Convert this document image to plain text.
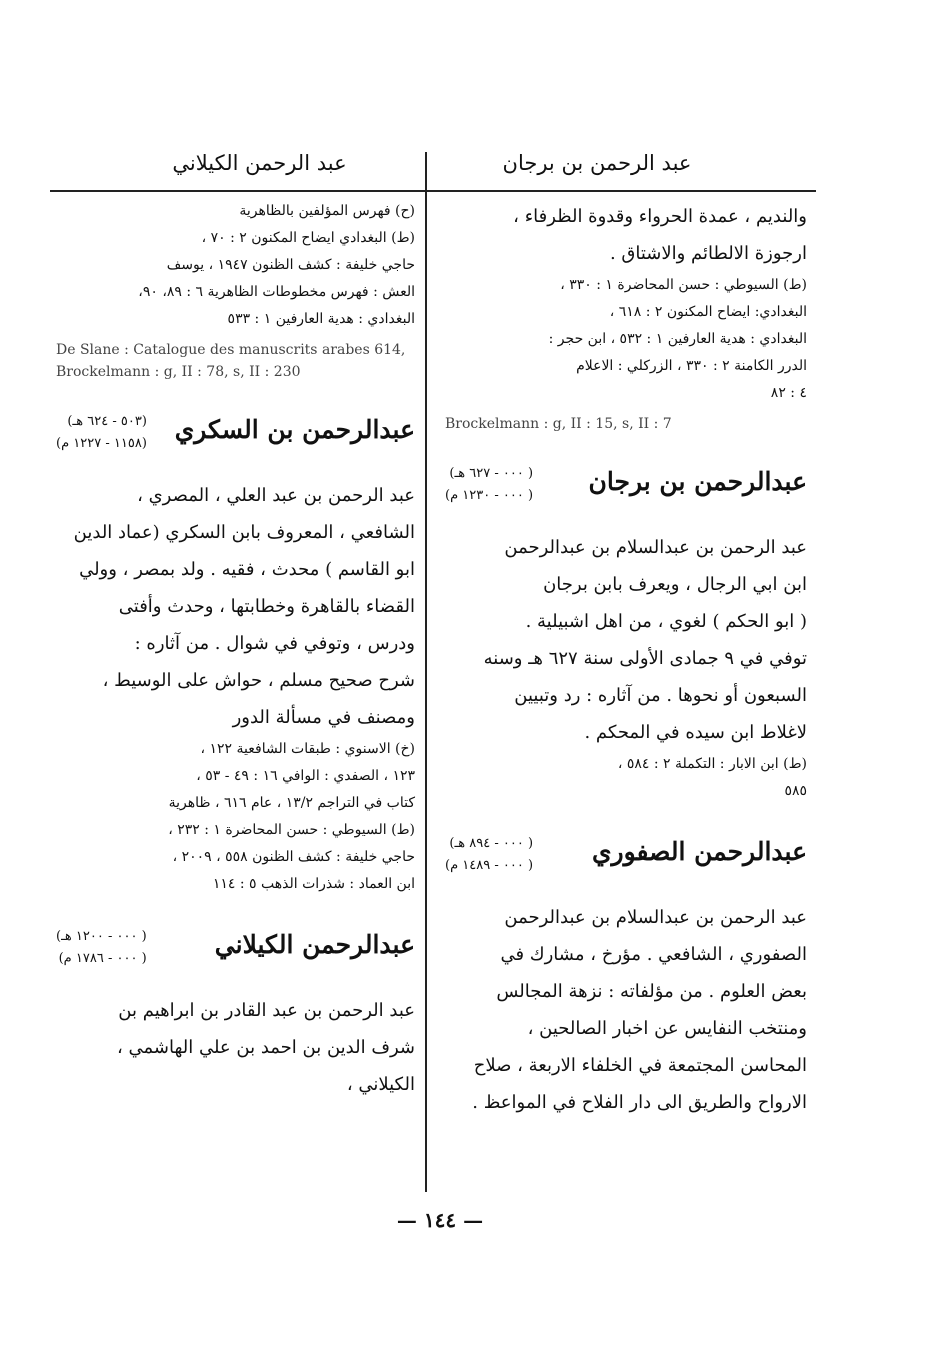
عبد الرحمن بن برجان
عبد الرحمن الكيلاني

والنديم ، عمدة الحرواء وقدوة الظرفاء ،

ارجوزة الالطائم والاشتاق .

(ط) السيوطي : حسن المحاضرة ١ : ٣٣٠ ،

البغدادي: ايضاح المكنون ٢ : ٦١٨ ،

البغدادي : هدية العارفين ١ : ٥٣٢ ، ابن حجر :

الدرر الكامنة ٢ : ٣٣٠ ، الزركلي : الاعلام

٤ : ٨٢

Brockelmann : g, II : 15, s, II : 7

عبدالرحمن بن برجان
( ٠٠٠ - ٦٢٧ هـ)
( ٠٠٠ - ١٢٣٠ م)

عبد الرحمن بن عبدالسلام بن عبدالرحمن

ابن ابي الرجال ، ويعرف بابن برجان

( ابو الحكم ) لغوي ، من اهل اشبيلية .

توفي في ٩ جمادى الأولى سنة ٦٢٧ هـ وسنه

السبعون أو نحوها . من آثاره : رد وتبيين

لاغلاط ابن سيده في المحكم .

(ط) ابن الابار : التكملة ٢ : ٥٨٤ ،

٥٨٥

عبدالرحمن الصفوري
( ٠٠٠ - ٨٩٤ هـ)
( ٠٠٠ - ١٤٨٩ م)

عبد الرحمن بن عبدالسلام بن عبدالرحمن

الصفوري ، الشافعي . مؤرخ ، مشارك في

بعض العلوم . من مؤلفاته : نزهة المجالس

ومنتخب النفايس عن اخبار الصالحين ،

المحاسن المجتمعة في الخلفاء الاربعة ، صلاح

الارواح والطريق الى دار الفلاح في المواعظ .

(ح) فهرس المؤلفين بالظاهرية

(ط) البغدادي ايضاح المكنون ٢ : ٧٠ ،

حاجي خليفة : كشف الظنون ١٩٤٧ ، يوسف

العش : فهرس مخطوطات الظاهرية ٦ : ٨٩، ٩٠،

البغدادي : هدية العارفين ١ : ٥٣٣

De Slane : Catalogue des manuscrits arabes 614, Brockelmann : g, II : 78, s, II : 230

عبدالرحمن بن السكري
(٥٠٣ - ٦٢٤ هـ)
(١١٥٨ - ١٢٢٧ م)

عبد الرحمن بن عبد العلي ، المصري ،

الشافعي ، المعروف بابن السكري (عماد الدين

ابو القاسم ) محدث ، فقيه . ولد بمصر ، وولي

القضاء بالقاهرة وخطابتها ، وحدث وأفتى

ودرس ، وتوفي في شوال . من آثاره :

شرح صحيح مسلم ، حواش على الوسيط ،

ومصنف في مسألة الدور

(خ) الاسنوي : طبقات الشافعية ١٢٢ ،

١٢٣ ، الصفدي : الوافي ١٦ : ٤٩ - ٥٣ ،

كتاب في التراجم ١٣/٢ ، عام ٦١٦ ، ظاهرية

(ط) السيوطي : حسن المحاضرة ١ : ٢٣٢ ،

حاجي خليفة : كشف الظنون ٥٥٨ ، ٢٠٠٩ ،

ابن العماد : شذرات الذهب ٥ : ١١٤

عبدالرحمن الكيلاني
( ٠٠٠ - ١٢٠٠ هـ)
( ٠٠٠ - ١٧٨٦ م)

عبد الرحمن بن عبد القادر بن ابراهيم بن

شرف الدين بن احمد بن علي الهاشمي ، الكيلاني ،

— ١٤٤ —
